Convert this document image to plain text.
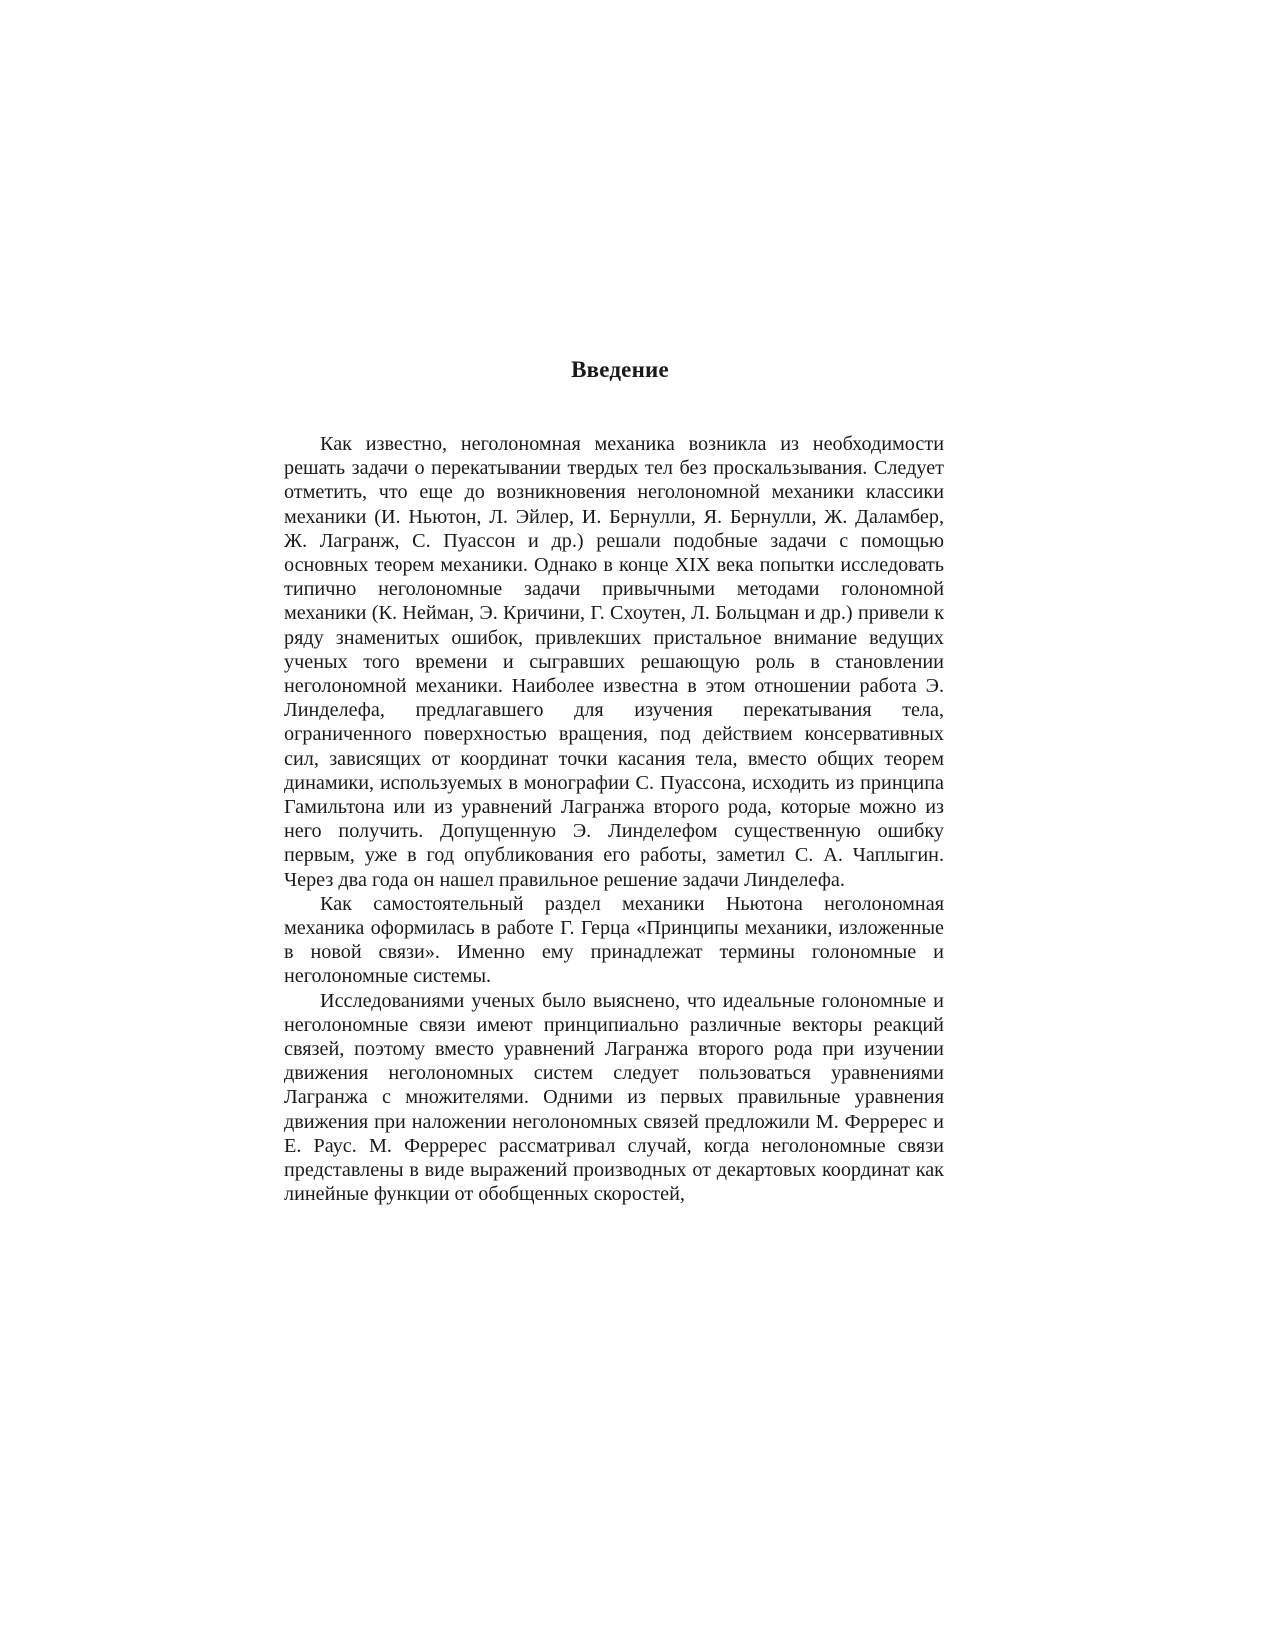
Введение

Как известно, неголономная механика возникла из необходимости решать задачи о перекатывании твердых тел без проскальзывания. Следует отметить, что еще до возникновения неголономной механики классики механики (И. Ньютон, Л. Эйлер, И. Бернулли, Я. Бернулли, Ж. Даламбер, Ж. Лагранж, С. Пуассон и др.) решали подобные задачи с помощью основных теорем механики. Однако в конце XIX века попытки исследовать типично неголономные задачи привычными методами голономной механики (К. Нейман, Э. Кричини, Г. Схоутен, Л. Больцман и др.) привели к ряду знаменитых ошибок, привлекших пристальное внимание ведущих ученых того времени и сыгравших решающую роль в становлении неголономной механики. Наиболее известна в этом отношении работа Э. Линделефа, предлагавшего для изучения перекатывания тела, ограниченного поверхностью вращения, под действием консервативных сил, зависящих от координат точки касания тела, вместо общих теорем динамики, используемых в монографии С. Пуассона, исходить из принципа Гамильтона или из уравнений Лагранжа второго рода, которые можно из него получить. Допущенную Э. Линделефом существенную ошибку первым, уже в год опубликования его работы, заметил С. А. Чаплыгин. Через два года он нашел правильное решение задачи Линделефа.

Как самостоятельный раздел механики Ньютона неголономная механика оформилась в работе Г. Герца «Принципы механики, изложенные в новой связи». Именно ему принадлежат термины голономные и неголономные системы.

Исследованиями ученых было выяснено, что идеальные голономные и неголономные связи имеют принципиально различные векторы реакций связей, поэтому вместо уравнений Лагранжа второго рода при изучении движения неголономных систем следует пользоваться уравнениями Лагранжа с множителями. Одними из первых правильные уравнения движения при наложении неголономных связей предложили М. Ферререс и Е. Раус. М. Ферререс рассматривал случай, когда неголономные связи представлены в виде выражений производных от декартовых координат как линейные функции от обобщенных скоростей,
